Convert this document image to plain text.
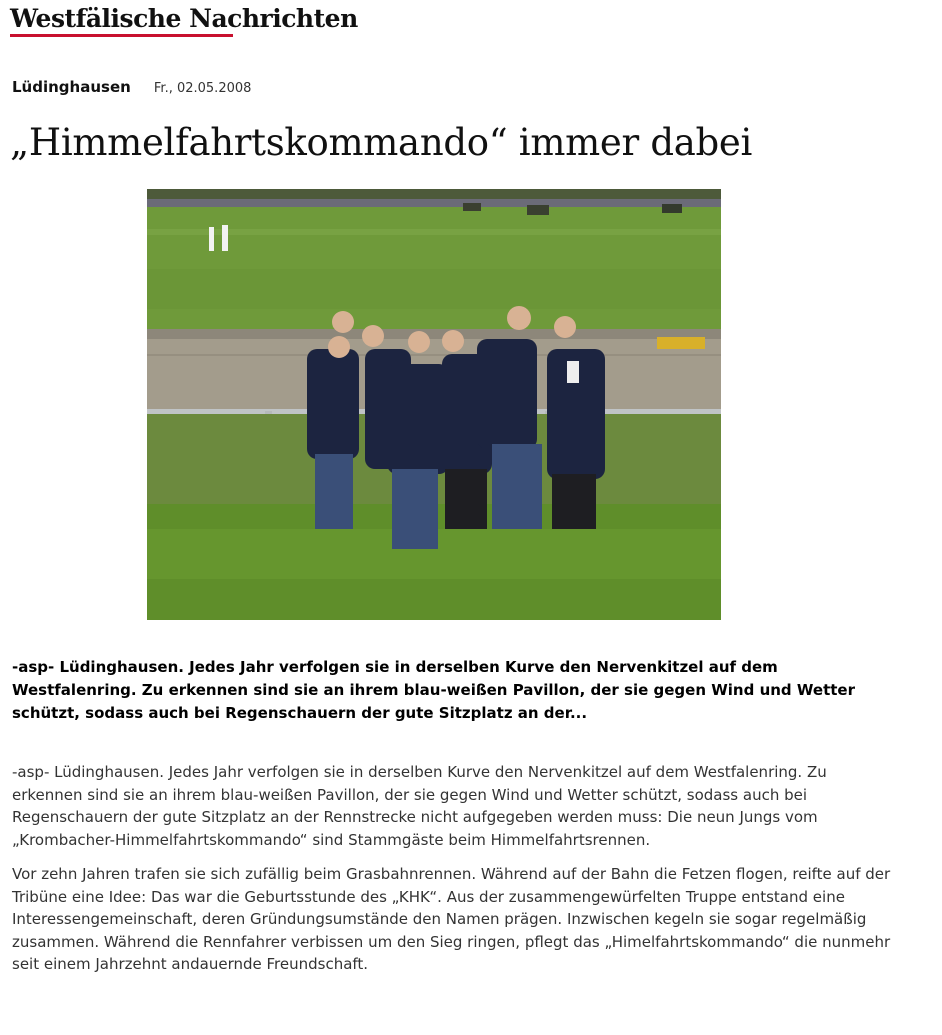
Westfälische Nachrichten
Lüdinghausen Fr., 02.05.2008
„Himmelfahrtskommando“ immer dabei

-asp- Lüdinghausen. Jedes Jahr verfolgen sie in derselben Kurve den Nervenkitzel auf dem Westfalenring. Zu erkennen sind sie an ihrem blau-weißen Pavillon, der sie gegen Wind und Wetter schützt, sodass auch bei Regenschauern der gute Sitzplatz an der...

-asp- Lüdinghausen. Jedes Jahr verfolgen sie in derselben Kurve den Nervenkitzel auf dem Westfalenring. Zu erkennen sind sie an ihrem blau-weißen Pavillon, der sie gegen Wind und Wetter schützt, sodass auch bei Regenschauern der gute Sitzplatz an der Rennstrecke nicht aufgegeben werden muss: Die neun Jungs vom „Krombacher-Himmelfahrtskommando“ sind Stammgäste beim Himmelfahrtsrennen.

Vor zehn Jahren trafen sie sich zufällig beim Grasbahnrennen. Während auf der Bahn die Fetzen flogen, reifte auf der Tribüne eine Idee: Das war die Geburtsstunde des „KHK“. Aus der zusammengewürfelten Truppe entstand eine Interessengemeinschaft, deren Gründungsumstände den Namen prägen. Inzwischen kegeln sie sogar regelmäßig zusammen. Während die Rennfahrer verbissen um den Sieg ringen, pflegt das „Himelfahrtskommando“ die nunmehr seit einem Jahrzehnt andauernde Freundschaft.
